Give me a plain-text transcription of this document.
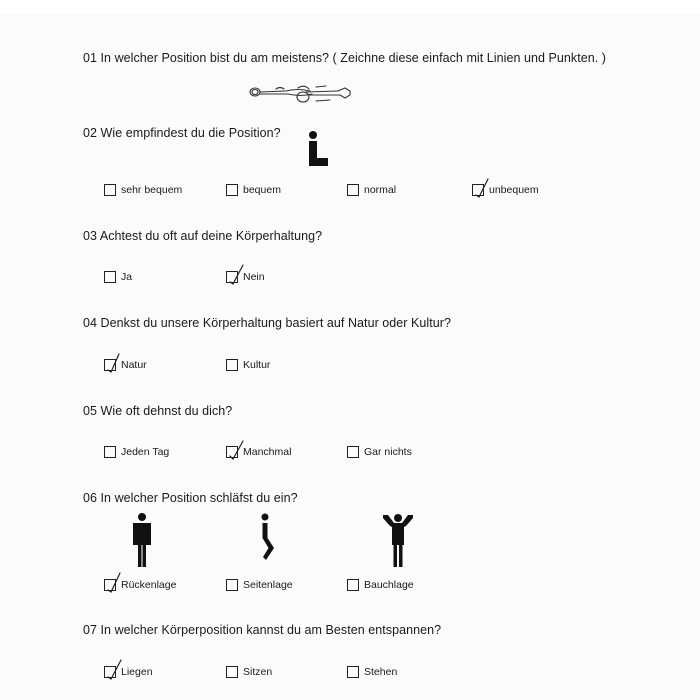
01 In welcher Position bist du am meistens? ( Zeichne diese einfach mit Linien und Punkten. )
02 Wie empfindest du die Position?
sehr bequem	bequem	normal	unbequem
03 Achtest du oft auf deine Körperhaltung?
Ja	Nein
04 Denkst du unsere Körperhaltung basiert auf Natur oder Kultur?
Natur	Kultur
05 Wie oft dehnst du dich?
Jeden Tag	Manchmal	Gar nichts
06 In welcher Position schläfst du ein?
Rückenlage	Seitenlage	Bauchlage
07 In welcher Körperposition kannst du am Besten entspannen?
Liegen	Sitzen	Stehen
